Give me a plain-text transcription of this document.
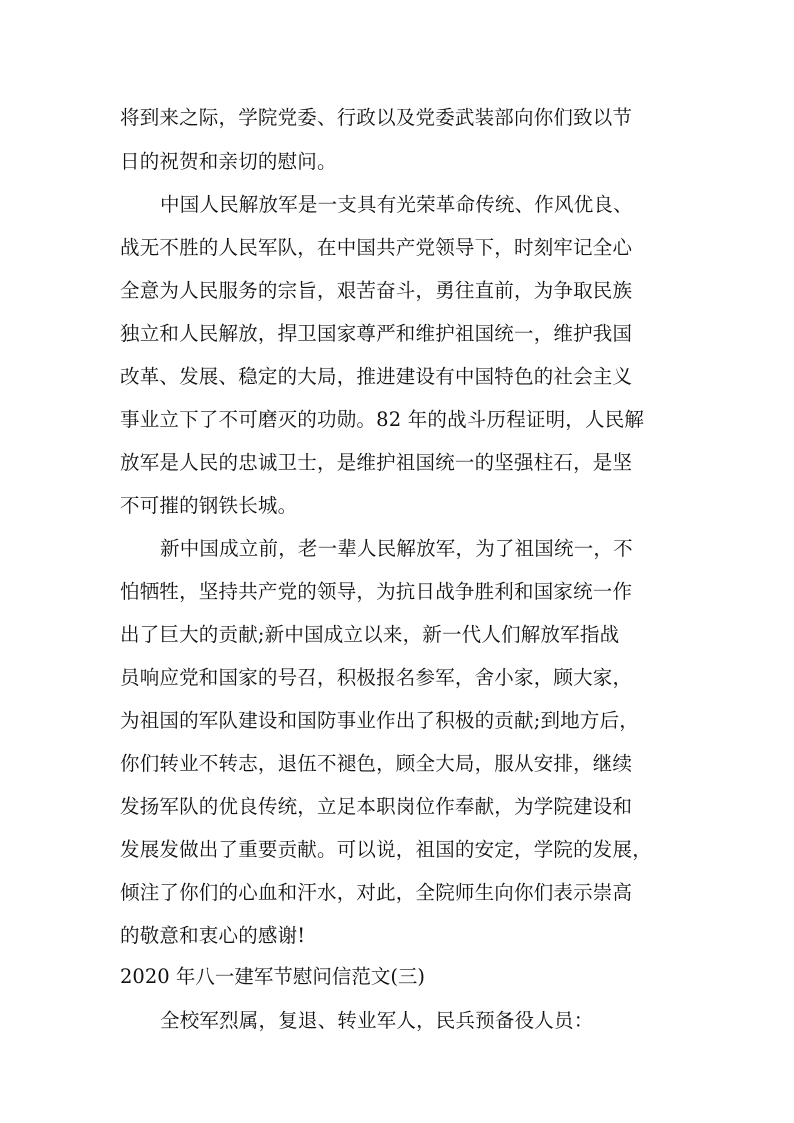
将到来之际，学院党委、行政以及党委武装部向你们致以节
日的祝贺和亲切的慰问。
中国人民解放军是一支具有光荣革命传统、作风优良、
战无不胜的人民军队，在中国共产党领导下，时刻牢记全心
全意为人民服务的宗旨，艰苦奋斗，勇往直前，为争取民族
独立和人民解放，捍卫国家尊严和维护祖国统一，维护我国
改革、发展、稳定的大局，推进建设有中国特色的社会主义
事业立下了不可磨灭的功勋。82 年的战斗历程证明，人民解
放军是人民的忠诚卫士，是维护祖国统一的坚强柱石，是坚
不可摧的钢铁长城。
新中国成立前，老一辈人民解放军，为了祖国统一，不
怕牺牲，坚持共产党的领导，为抗日战争胜利和国家统一作
出了巨大的贡献;新中国成立以来，新一代人们解放军指战
员响应党和国家的号召，积极报名参军，舍小家，顾大家，
为祖国的军队建设和国防事业作出了积极的贡献;到地方后，
你们转业不转志，退伍不褪色，顾全大局，服从安排，继续
发扬军队的优良传统，立足本职岗位作奉献，为学院建设和
发展发做出了重要贡献。可以说，祖国的安定，学院的发展，
倾注了你们的心血和汗水，对此，全院师生向你们表示崇高
的敬意和衷心的感谢!
2020 年八一建军节慰问信范文(三)
全校军烈属，复退、转业军人，民兵预备役人员：
